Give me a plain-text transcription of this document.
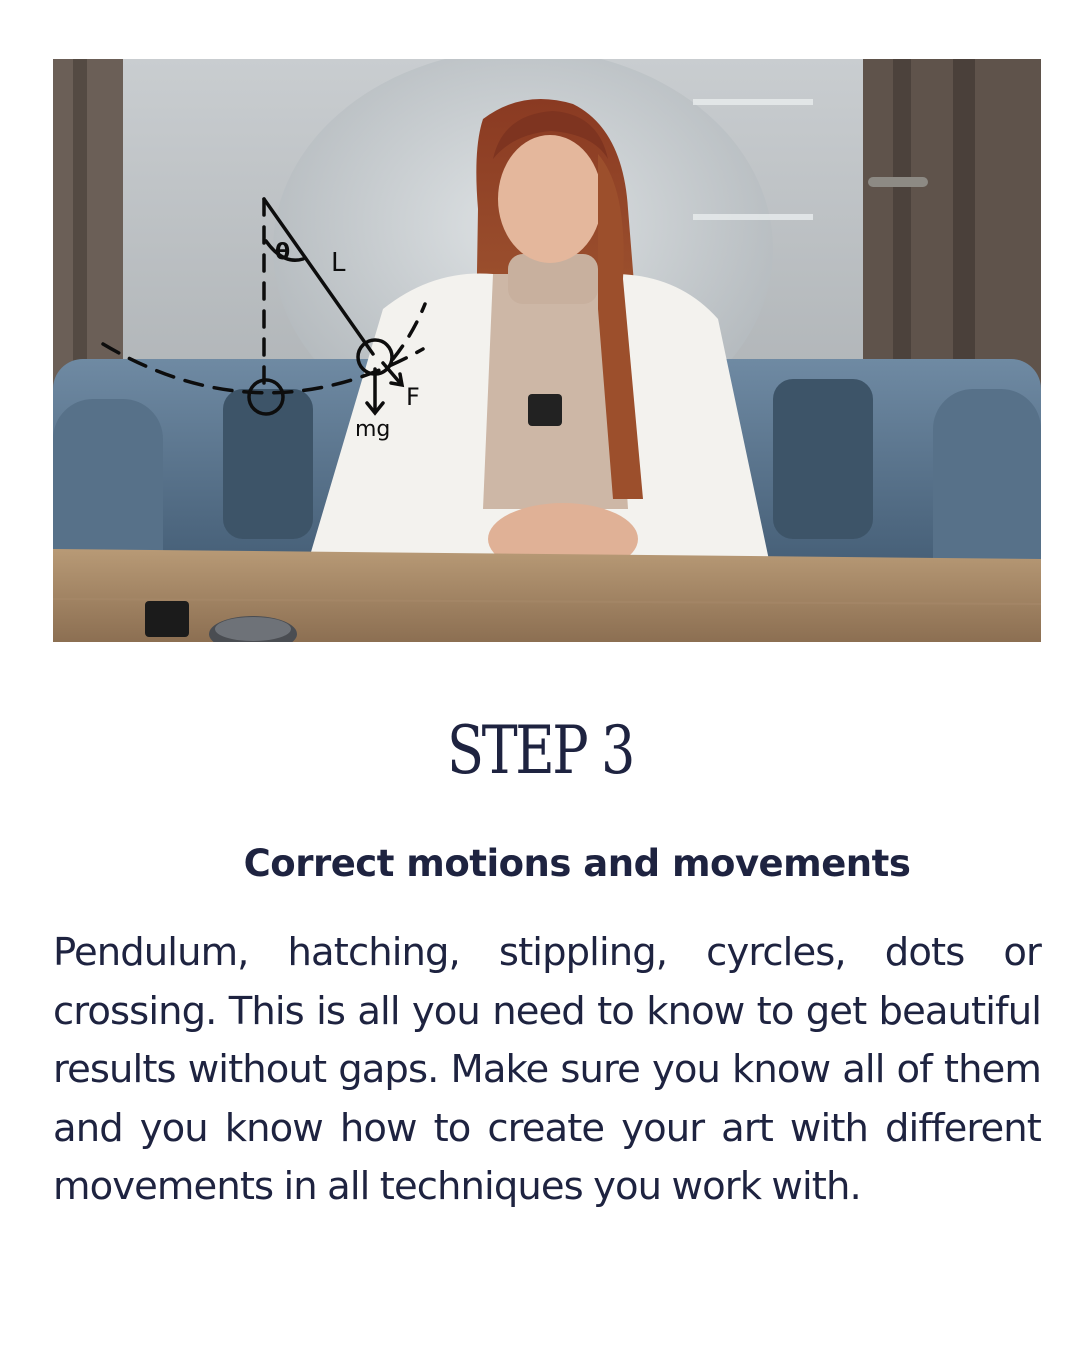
θ L
F
mg
STEP 3
Correct motions and movements

Pendulum, hatching, stippling, cyrcles, dots or crossing. This is all you need to know to get beautiful results without gaps. Make sure you know all of them and you know how to create your art with different movements in all techniques you work with.
